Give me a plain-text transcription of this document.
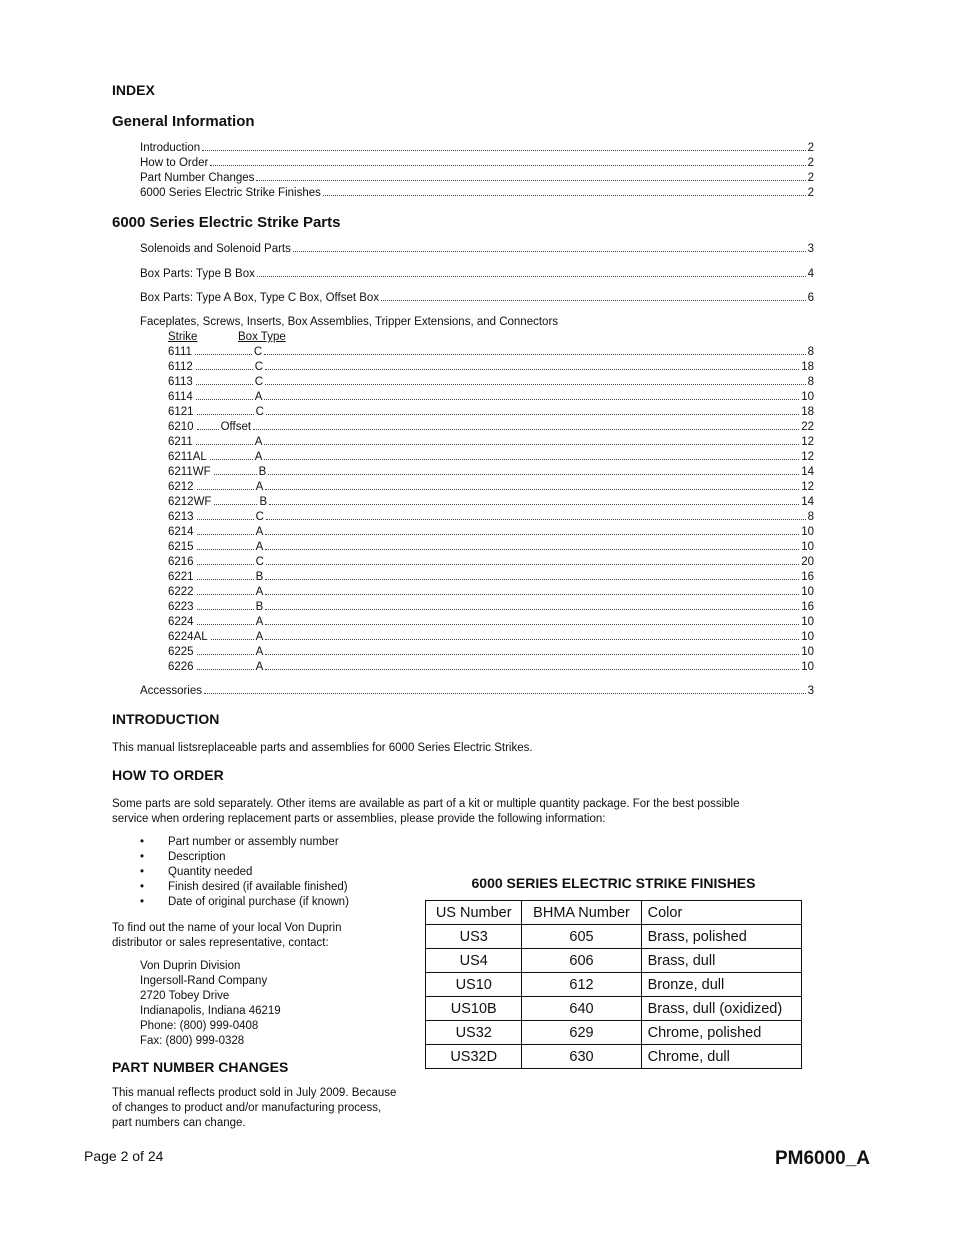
INDEX
General Information
Introduction	2
How to Order	2
Part Number Changes	2
6000 Series Electric Strike Finishes	2
6000 Series Electric Strike Parts
Solenoids and Solenoid Parts	3
Box Parts: Type B Box	4
Box Parts: Type A Box, Type C Box, Offset Box	6
Faceplates, Screws, Inserts, Box Assemblies, Tripper Extensions, and Connectors
Strike	Box Type
6111	C	8
6112	C	18
6113	C	8
6114	A	10
6121	C	18
6210 Offset	22
6211	A	12
6211AL	A	12
6211WF	B	14
6212	A	12
6212WF	B	14
6213	C	8
6214	A	10
6215	A	10
6216	C	20
6221	B	16
6222	A	10
6223	B	16
6224	A	10
6224AL	A	10
6225	A	10
6226	A	10
Accessories	3
INTRODUCTION
This manual listsreplaceable parts and assemblies for 6000 Series Electric Strikes.
HOW TO ORDER
Some parts are sold separately. Other items are available as part of a kit or multiple quantity package. For the best possible
service when ordering replacement parts or assemblies, please provide the following information:
•	Part number or assembly number
•	Description
•	Quantity needed
•	Finish desired (if available finished)
•	Date of original purchase (if known)
To find out the name of your local Von Duprin
distributor or sales representative, contact:
Von Duprin Division
Ingersoll-Rand Company
2720 Tobey Drive
Indianapolis, Indiana 46219
Phone: (800) 999-0408
Fax: (800) 999-0328
PART NUMBER CHANGES
This manual reflects product sold in July 2009. Because
of changes to product and/or manufacturing process,
part numbers can change.
6000 SERIES ELECTRIC STRIKE FINISHES
US Number	BHMA Number	Color
US3	605	Brass, polished
US4	606	Brass, dull
US10	612	Bronze, dull
US10B	640	Brass, dull (oxidized)
US32	629	Chrome, polished
US32D	630	Chrome, dull
Page 2 of 24	PM6000_A
